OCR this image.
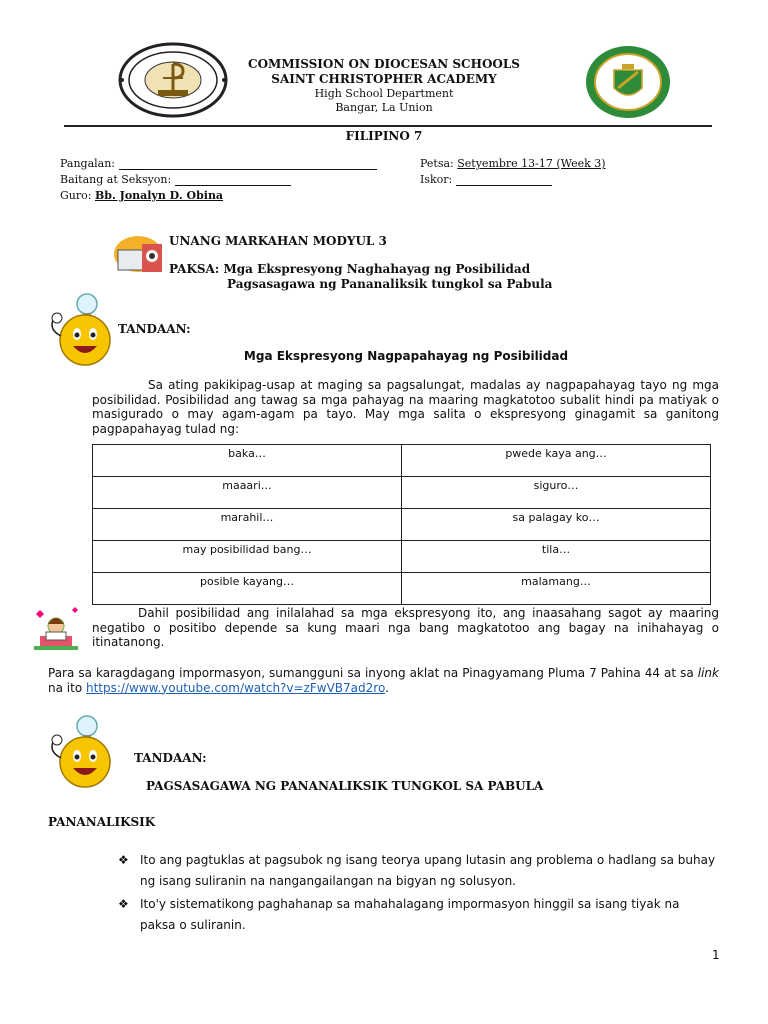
COMMISSION ON DIOCESAN SCHOOLS
SAINT CHRISTOPHER ACADEMY
High School Department
Bangar, La Union
FILIPINO 7
Pangalan:
Baitang at Seksyon:
Guro: Bb. Jonalyn D. Obina
Petsa: Setyembre 13-17 (Week 3)
Iskor:
UNANG MARKAHAN MODYUL 3
PAKSA: Mga Ekspresyong Naghahayag ng Posibilidad
Pagsasagawa ng Pananaliksik tungkol sa Pabula
TANDAAN:
Mga Ekspresyong Nagpapahayag ng Posibilidad
Sa ating pakikipag-usap at maging sa pagsalungat, madalas ay nagpapahayag tayo ng mga posibilidad. Posibilidad ang tawag sa mga pahayag na maaring magkatotoo subalit hindi pa matiyak o masigurado o may agam-agam pa tayo. May mga salita o ekspresyong ginagamit sa ganitong pagpapahayag tulad ng:
baka…	pwede kaya ang…
maaari…	siguro…
marahil…	sa palagay ko…
may posibilidad bang…	tila…
posible kayang…	malamang…
Dahil posibilidad ang inilalahad sa mga ekspresyong ito, ang inaasahang sagot ay maaring negatibo o positibo depende sa kung maari nga bang magkatotoo ang bagay na inihahayag o itinatanong.
Para sa karagdagang impormasyon, sumangguni sa inyong aklat na Pinagyamang Pluma 7 Pahina 44 at sa link na ito https://www.youtube.com/watch?v=zFwVB7ad2ro.
TANDAAN:
PAGSASAGAWA NG PANANALIKSIK TUNGKOL SA PABULA
PANANALIKSIK
❖ Ito ang pagtuklas at pagsubok ng isang teorya upang lutasin ang problema o hadlang sa buhay ng isang suliranin na nangangailangan na bigyan ng solusyon.
❖ Ito'y sistematikong paghahanap sa mahahalagang impormasyon hinggil sa isang tiyak na paksa o suliranin.
1
